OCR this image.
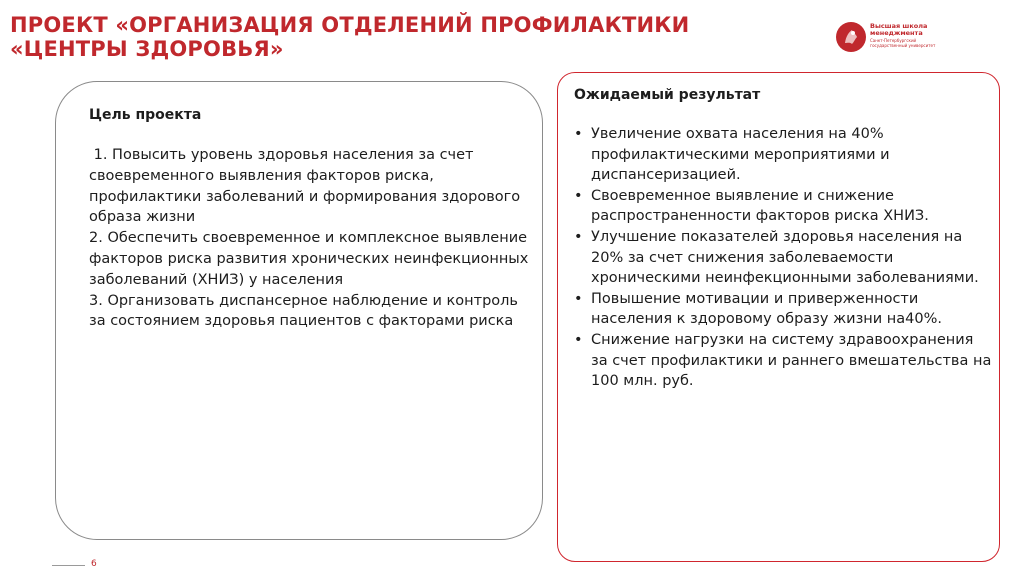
ПРОЕКТ «ОРГАНИЗАЦИЯ ОТДЕЛЕНИЙ ПРОФИЛАКТИКИ «ЦЕНТРЫ ЗДОРОВЬЯ»
Высшая школа менеджмента
Санкт-Петербургский государственный университет
Цель проекта
1. Повысить уровень здоровья населения за счет своевременного выявления факторов риска, профилактики заболеваний и формирования здорового образа жизни
2. Обеспечить своевременное и комплексное выявление факторов риска развития хронических неинфекционных заболеваний (ХНИЗ) у населения
3. Организовать диспансерное наблюдение и контроль за состоянием здоровья пациентов с факторами риска
Ожидаемый результат
• Увеличение охвата населения на 40% профилактическими мероприятиями и диспансеризацией.
• Своевременное выявление и снижение распространенности факторов риска ХНИЗ.
• Улучшение показателей здоровья населения на 20% за счет снижения заболеваемости хроническими неинфекционными заболеваниями.
• Повышение мотивации и приверженности населения к здоровому образу жизни на40%.
• Снижение нагрузки на систему здравоохранения за счет профилактики и раннего вмешательства на 100 млн. руб.
6
